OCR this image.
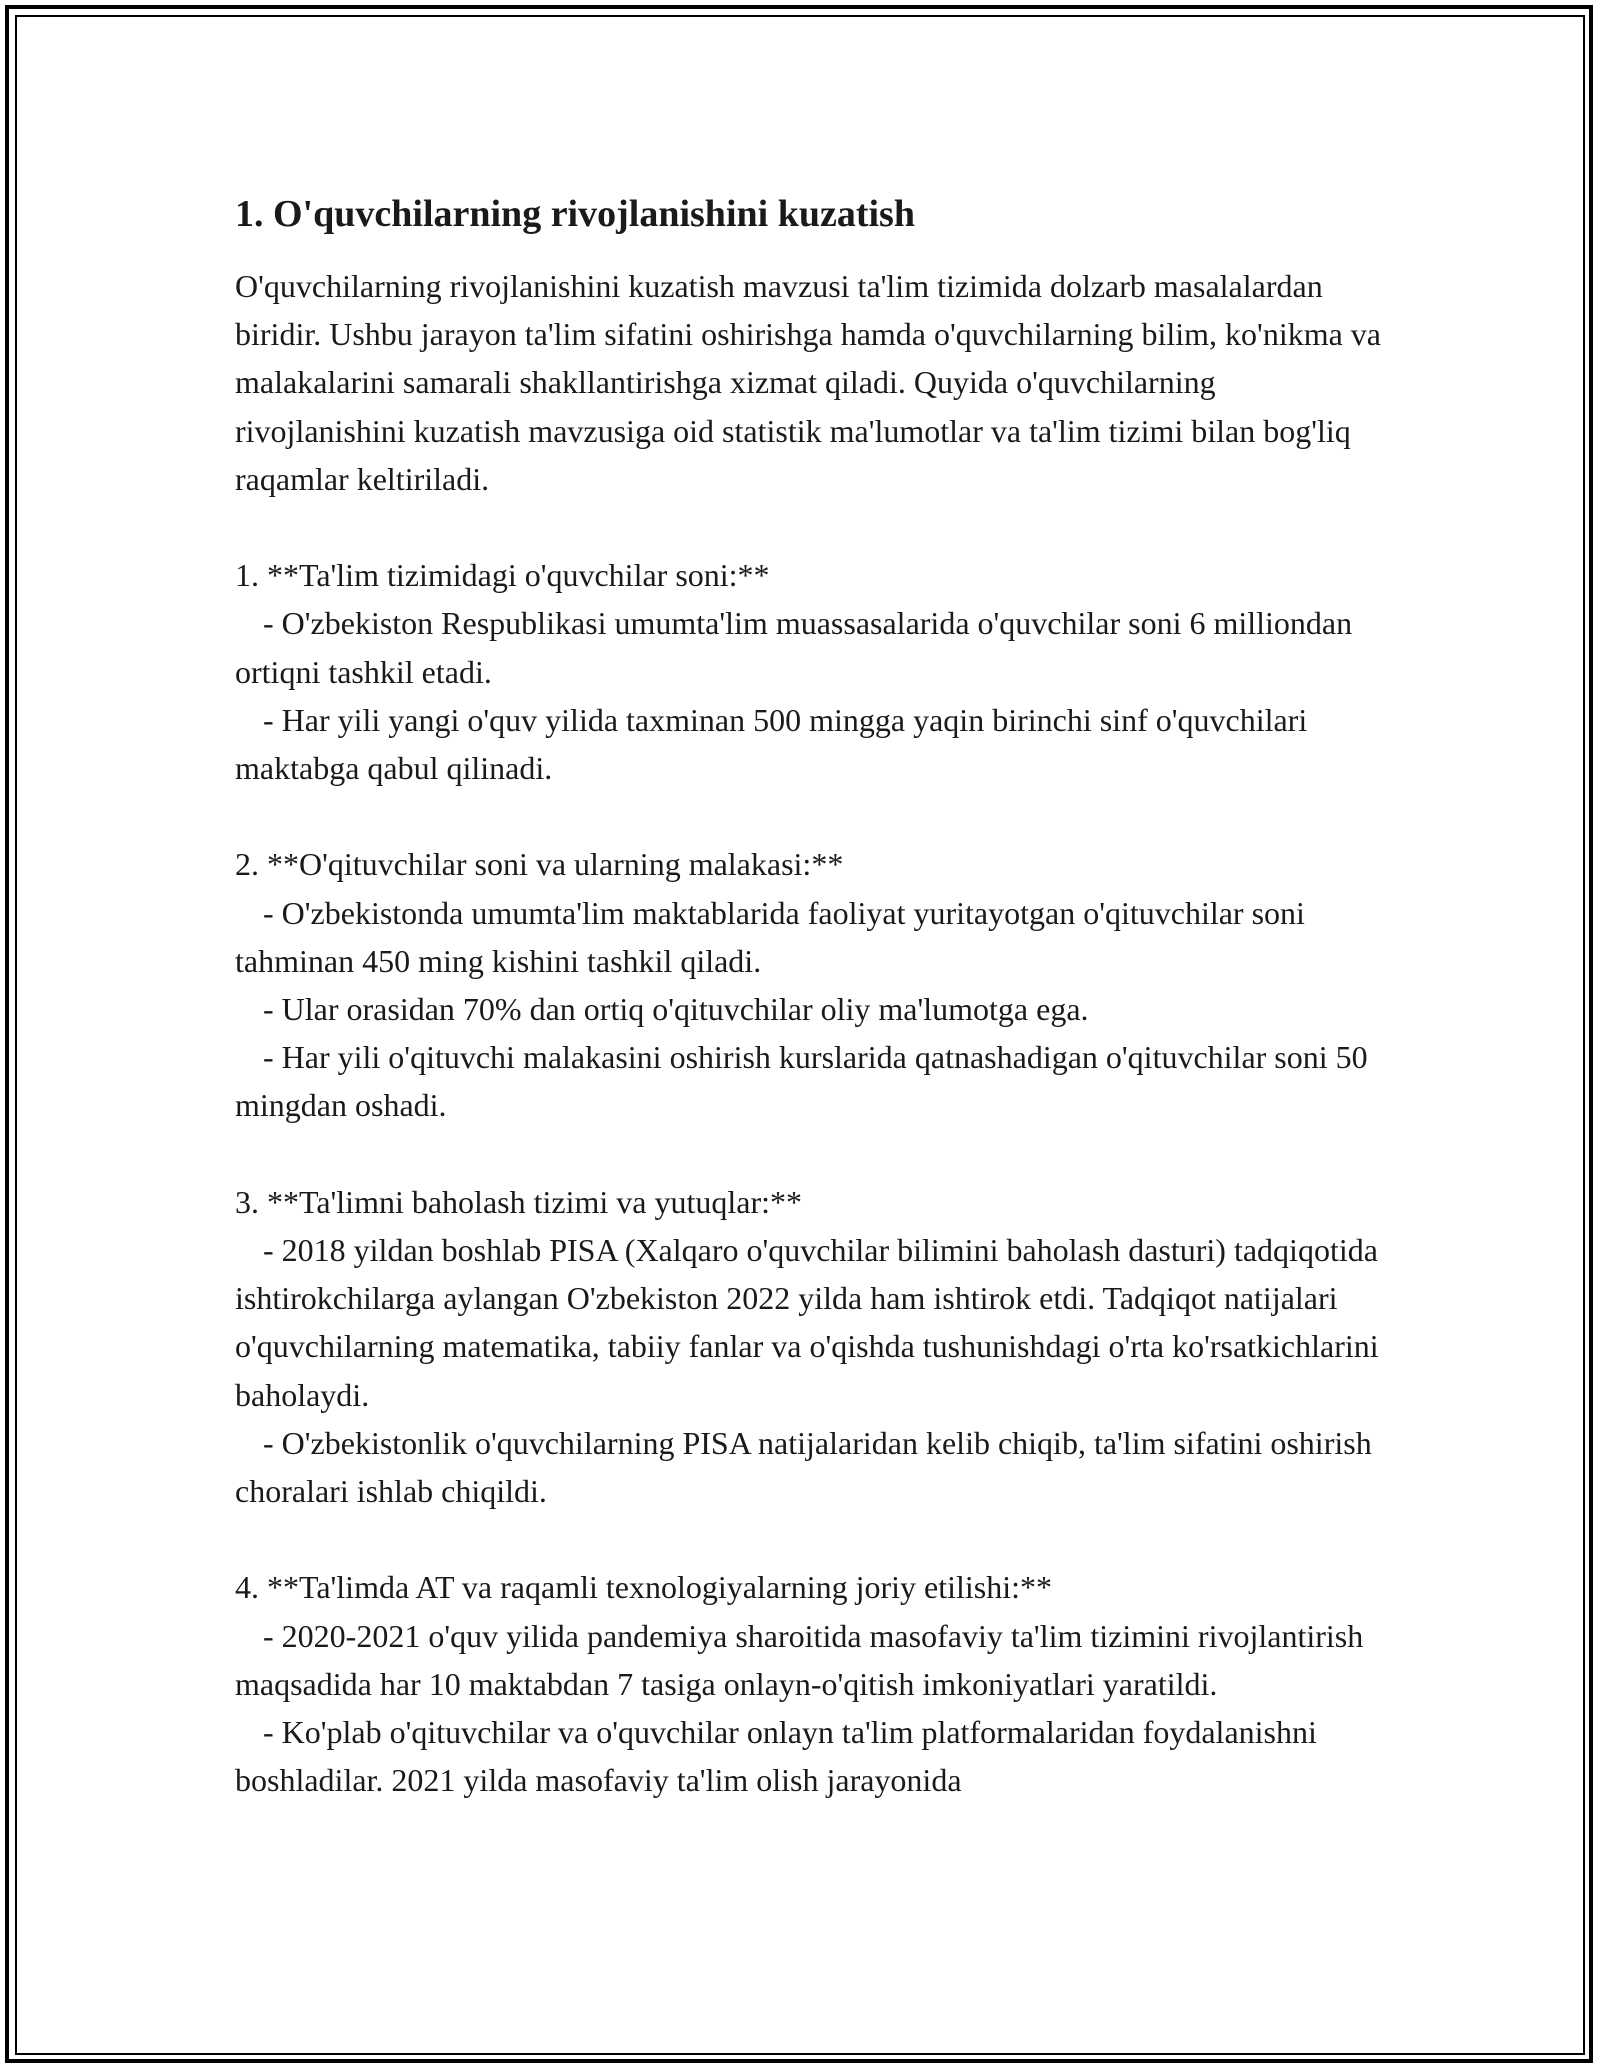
1. O'quvchilarning rivojlanishini kuzatish

O'quvchilarning rivojlanishini kuzatish mavzusi ta'lim tizimida dolzarb masalalardan biridir. Ushbu jarayon ta'lim sifatini oshirishga hamda o'quvchilarning bilim, ko'nikma va malakalarini samarali shakllantirishga xizmat qiladi. Quyida o'quvchilarning rivojlanishini kuzatish mavzusiga oid statistik ma'lumotlar va ta'lim tizimi bilan bog'liq raqamlar keltiriladi.

1. **Ta'lim tizimidagi o'quvchilar soni:**

- O'zbekiston Respublikasi umumta'lim muassasalarida o'quvchilar soni 6 milliondan ortiqni tashkil etadi.

- Har yili yangi o'quv yilida taxminan 500 mingga yaqin birinchi sinf o'quvchilari maktabga qabul qilinadi.

2. **O'qituvchilar soni va ularning malakasi:**

- O'zbekistonda umumta'lim maktablarida faoliyat yuritayotgan o'qituvchilar soni tahminan 450 ming kishini tashkil qiladi.

- Ular orasidan 70% dan ortiq o'qituvchilar oliy ma'lumotga ega.

- Har yili o'qituvchi malakasini oshirish kurslarida qatnashadigan o'qituvchilar soni 50 mingdan oshadi.

3. **Ta'limni baholash tizimi va yutuqlar:**

- 2018 yildan boshlab PISA (Xalqaro o'quvchilar bilimini baholash dasturi) tadqiqotida ishtirokchilarga aylangan O'zbekiston 2022 yilda ham ishtirok etdi. Tadqiqot natijalari o'quvchilarning matematika, tabiiy fanlar va o'qishda tushunishdagi o'rta ko'rsatkichlarini baholaydi.

- O'zbekistonlik o'quvchilarning PISA natijalaridan kelib chiqib, ta'lim sifatini oshirish choralari ishlab chiqildi.

4. **Ta'limda AT va raqamli texnologiyalarning joriy etilishi:**

- 2020-2021 o'quv yilida pandemiya sharoitida masofaviy ta'lim tizimini rivojlantirish maqsadida har 10 maktabdan 7 tasiga onlayn-o'qitish imkoniyatlari yaratildi.

- Ko'plab o'qituvchilar va o'quvchilar onlayn ta'lim platformalaridan foydalanishni boshladilar. 2021 yilda masofaviy ta'lim olish jarayonida
